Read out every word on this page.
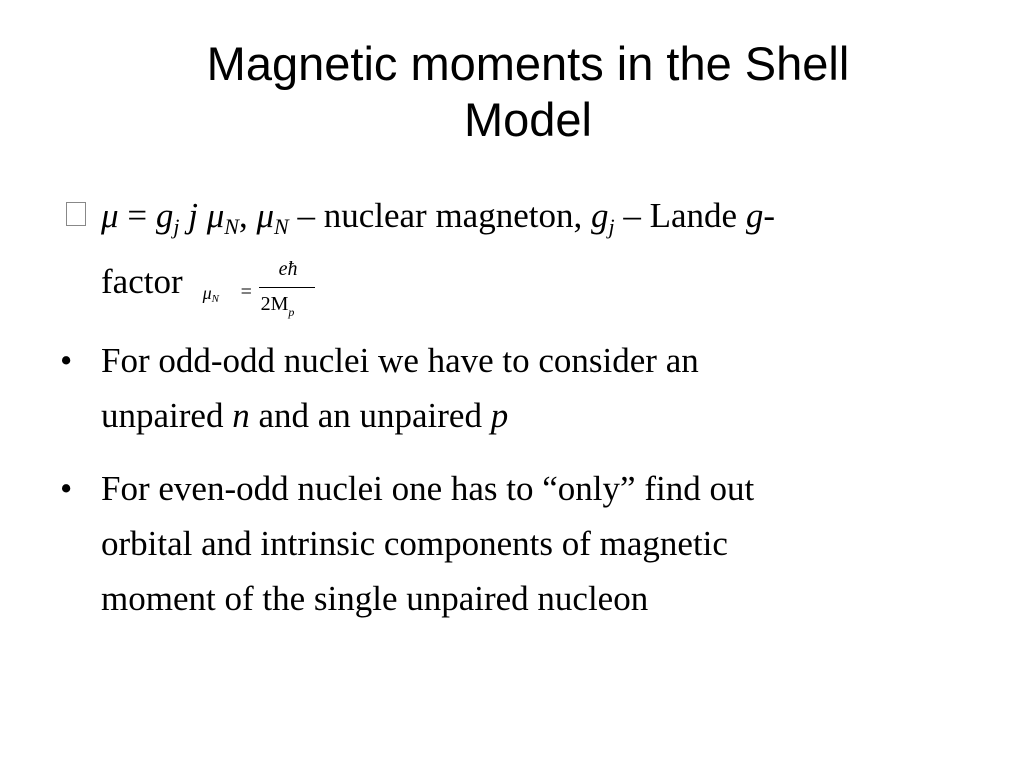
Magnetic moments in the Shell
Model
$\mu = g_j$ j $\mu_N$, $\mu_N$ – nuclear magneton, $g_j$ – Lande g-
factor μN =
eħ
$2M_p$
• For odd-odd nuclei we have to consider an
unpaired n and an unpaired p
• For even-odd nuclei one has to “only” find out
orbital and intrinsic components of magnetic
moment of the single unpaired nucleon
